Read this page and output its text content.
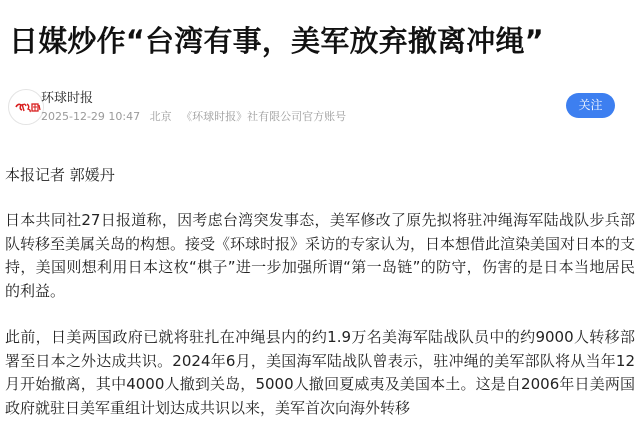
日媒炒作“台湾有事，美军放弃撤离冲绳”
环球时报
2025-12-29 10:47 北京 《环球时报》社有限公司官方账号
关注

本报记者 郭媛丹

日本共同社27日报道称，因考虑台湾突发事态，美军修改了原先拟将驻冲绳海军陆战队步兵部队转移至美属关岛的构想。接受《环球时报》采访的专家认为，日本想借此渲染美国对日本的支持，美国则想利用日本这枚“棋子”进一步加强所谓“第一岛链”的防守，伤害的是日本当地居民的利益。

此前，日美两国政府已就将驻扎在冲绳县内的约1.9万名美海军陆战队员中的约9000人转移部署至日本之外达成共识。2024年6月，美国海军陆战队曾表示，驻冲绳的美军部队将从当年12月开始撤离，其中4000人撤到关岛，5000人撤回夏威夷及美国本土。这是自2006年日美两国政府就驻日美军重组计划达成共识以来，美军首次向海外转移
